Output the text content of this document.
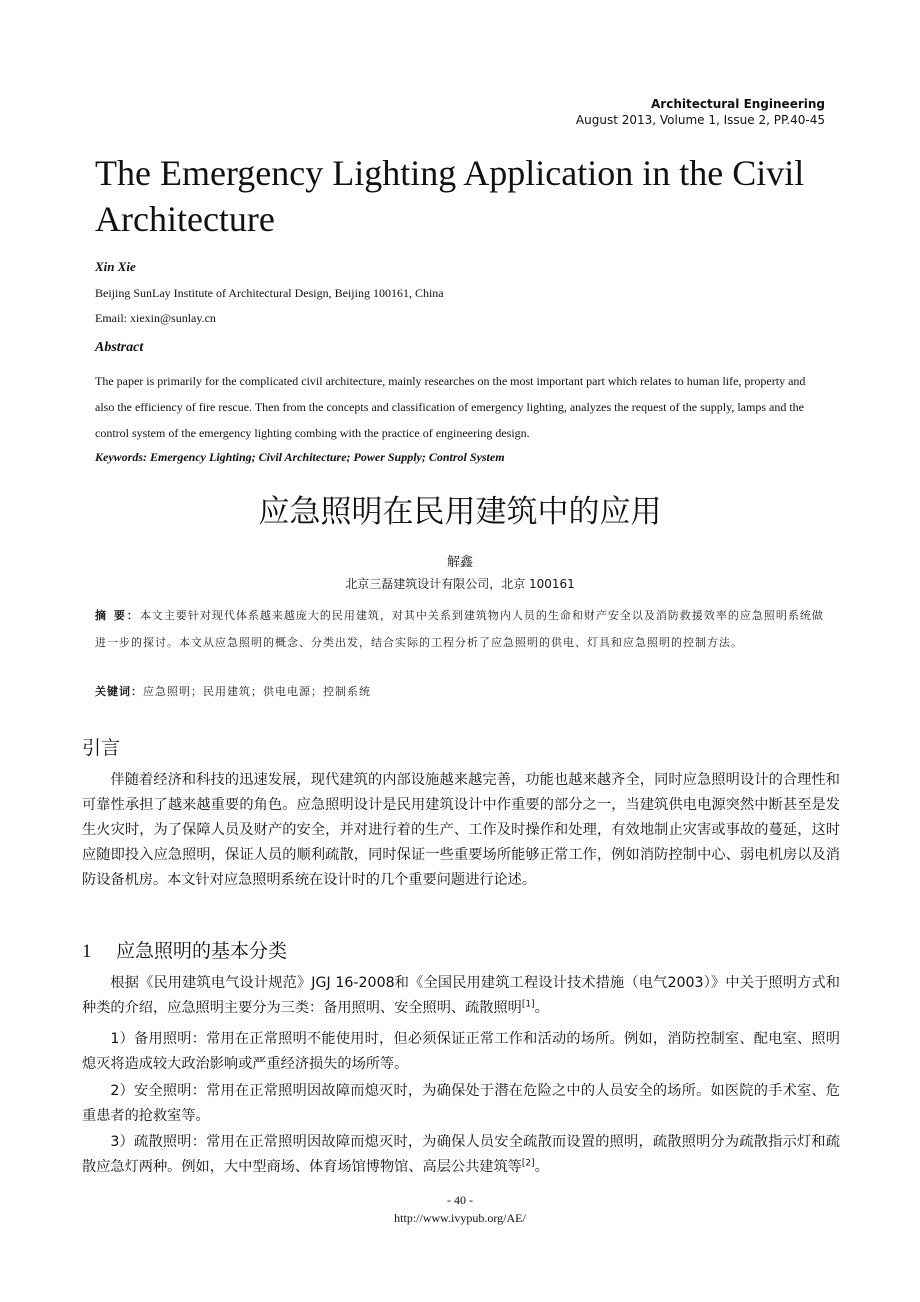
Architectural Engineering
August 2013, Volume 1, Issue 2, PP.40-45
The Emergency Lighting Application in the Civil Architecture
Xin Xie
Beijing SunLay Institute of Architectural Design, Beijing 100161, China
Email: xiexin@sunlay.cn
Abstract

The paper is primarily for the complicated civil architecture, mainly researches on the most important part which relates to human life, property and also the efficiency of fire rescue. Then from the concepts and classification of emergency lighting, analyzes the request of the supply, lamps and the control system of the emergency lighting combing with the practice of engineering design.

Keywords: Emergency Lighting; Civil Architecture; Power Supply; Control System
应急照明在民用建筑中的应用
解鑫
北京三磊建筑设计有限公司，北京 100161

摘 要：本文主要针对现代体系越来越庞大的民用建筑，对其中关系到建筑物内人员的生命和财产安全以及消防救援效率的应急照明系统做进一步的探讨。本文从应急照明的概念、分类出发，结合实际的工程分析了应急照明的供电、灯具和应急照明的控制方法。

关键词：应急照明；民用建筑；供电电源；控制系统
引言

伴随着经济和科技的迅速发展，现代建筑的内部设施越来越完善，功能也越来越齐全，同时应急照明设计的合理性和可靠性承担了越来越重要的角色。应急照明设计是民用建筑设计中作重要的部分之一，当建筑供电电源突然中断甚至是发生火灾时，为了保障人员及财产的安全，并对进行着的生产、工作及时操作和处理，有效地制止灾害或事故的蔓延，这时应随即投入应急照明，保证人员的顺利疏散，同时保证一些重要场所能够正常工作，例如消防控制中心、弱电机房以及消防设备机房。本文针对应急照明系统在设计时的几个重要问题进行论述。

1 应急照明的基本分类

根据《民用建筑电气设计规范》JGJ 16-2008和《全国民用建筑工程设计技术措施（电气2003）》中关于照明方式和种类的介绍，应急照明主要分为三类：备用照明、安全照明、疏散照明[1]。

1）备用照明：常用在正常照明不能使用时，但必须保证正常工作和活动的场所。例如，消防控制室、配电室、照明熄灭将造成较大政治影响或严重经济损失的场所等。

2）安全照明：常用在正常照明因故障而熄灭时，为确保处于潜在危险之中的人员安全的场所。如医院的手术室、危重患者的抢救室等。

3）疏散照明：常用在正常照明因故障而熄灭时，为确保人员安全疏散而设置的照明，疏散照明分为疏散指示灯和疏散应急灯两种。例如，大中型商场、体育场馆博物馆、高层公共建筑等[2]。

- 40 -
http://www.ivypub.org/AE/
